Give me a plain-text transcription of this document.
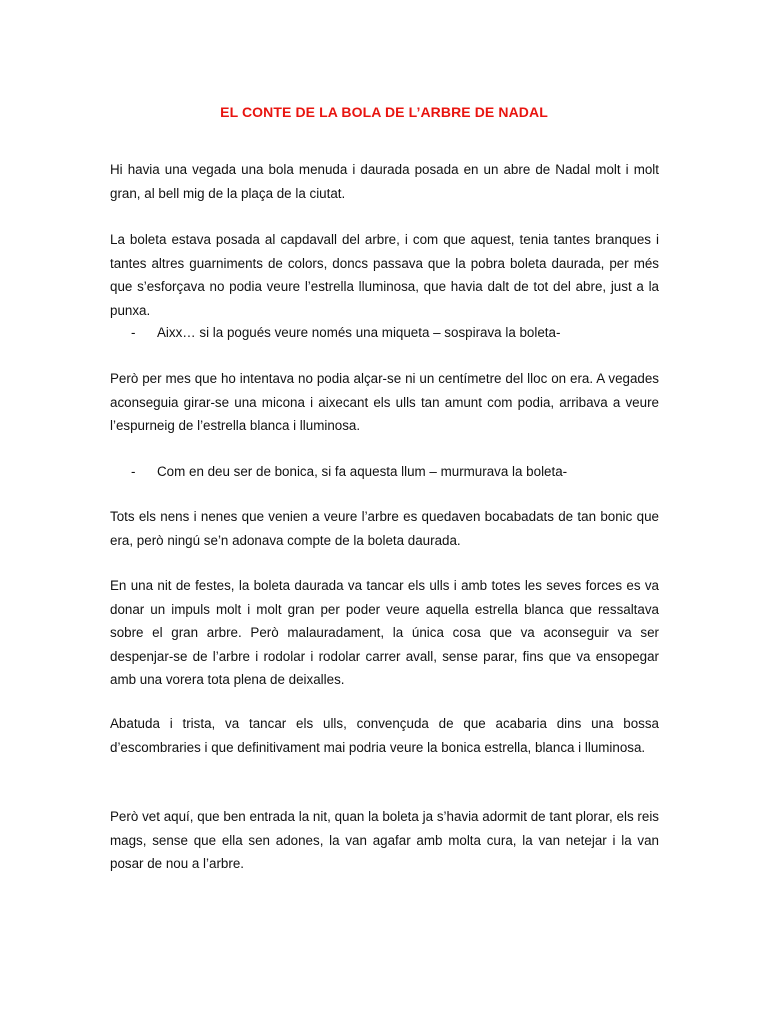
EL CONTE DE LA BOLA DE L’ARBRE DE NADAL

Hi havia una vegada una bola menuda i daurada posada en un abre de Nadal molt i molt gran, al bell mig de la plaça de la ciutat.

La boleta estava posada al capdavall del arbre, i com que aquest, tenia tantes branques i tantes altres guarniments de colors, doncs passava que la pobra boleta daurada, per més que s’esforçava no podia veure l’estrella lluminosa, que havia dalt de tot del abre, just a la punxa.

- Aixx… si la pogués veure només una miqueta – sospirava la boleta-

Però per mes que ho intentava no podia alçar-se ni un centímetre del lloc on era. A vegades aconseguia girar-se una micona i aixecant els ulls tan amunt com podia, arribava a veure l’espurneig de l’estrella blanca i lluminosa.

- Com en deu ser de bonica, si fa aquesta llum – murmurava la boleta-

Tots els nens i nenes que venien a veure l’arbre es quedaven bocabadats de tan bonic que era, però ningú se’n adonava compte de la boleta daurada.

En una nit de festes, la boleta daurada va tancar els ulls i amb totes les seves forces es va donar un impuls molt i molt gran per poder veure aquella estrella blanca que ressaltava sobre el gran arbre. Però malauradament, la única cosa que va aconseguir va ser despenjar-se de l’arbre i rodolar i rodolar carrer avall, sense parar, fins que va ensopegar amb una vorera tota plena de deixalles.

Abatuda i trista, va tancar els ulls, convençuda de que acabaria dins una bossa d’escombraries i que definitivament mai podria veure la bonica estrella, blanca i lluminosa.

Però vet aquí, que ben entrada la nit, quan la boleta ja s’havia adormit de tant plorar, els reis mags, sense que ella sen adones, la van agafar amb molta cura, la van netejar i la van posar de nou a l’arbre.
